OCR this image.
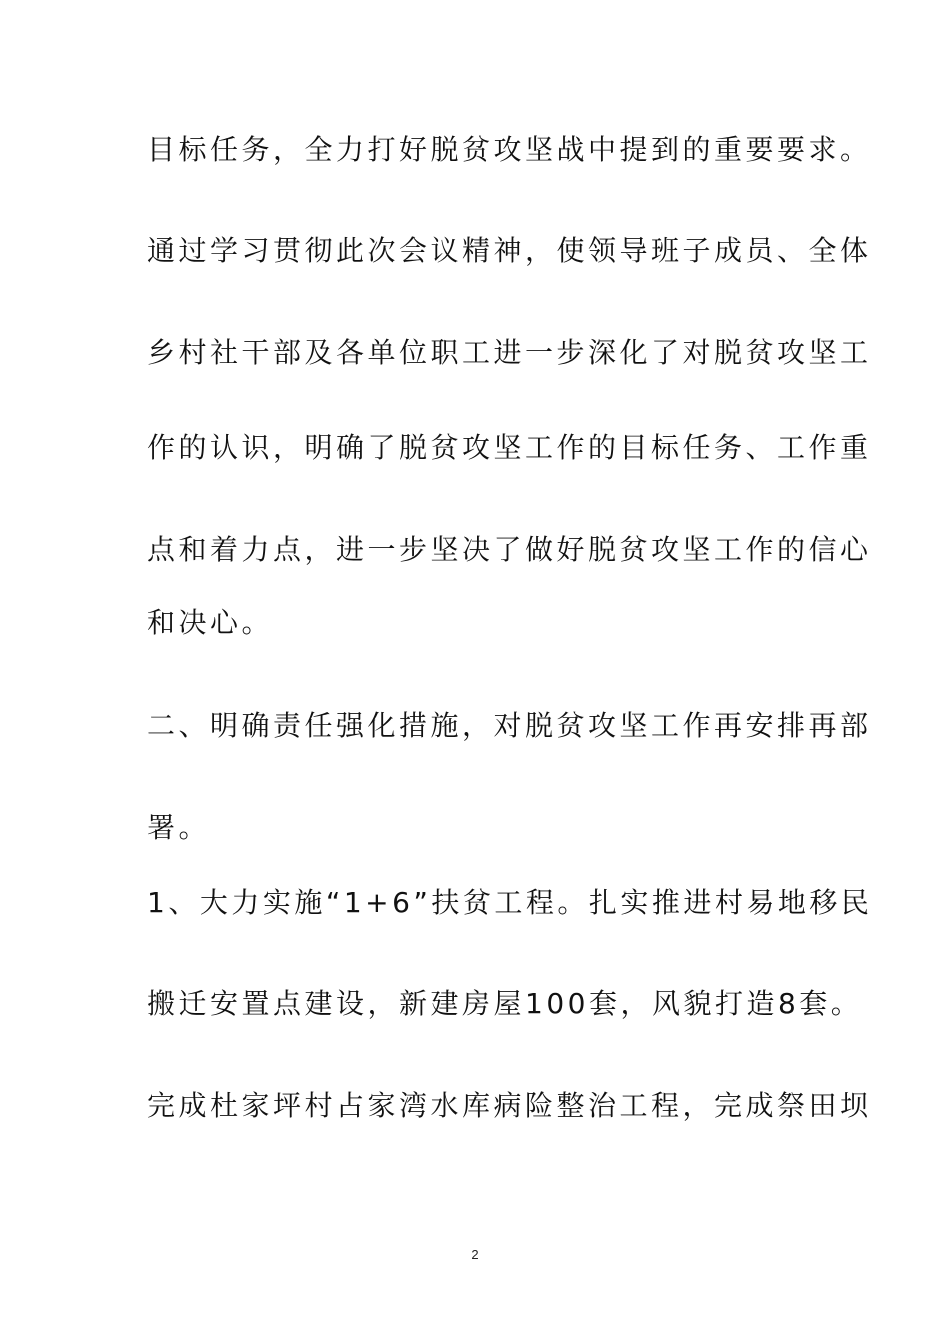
目标任务，全力打好脱贫攻坚战中提到的重要要求。
通过学习贯彻此次会议精神，使领导班子成员、全体
乡村社干部及各单位职工进一步深化了对脱贫攻坚工
作的认识，明确了脱贫攻坚工作的目标任务、工作重
点和着力点，进一步坚决了做好脱贫攻坚工作的信心
和决心。
二、明确责任强化措施，对脱贫攻坚工作再安排再部
署。
1、大力实施“1+6”扶贫工程。扎实推进村易地移民
搬迁安置点建设，新建房屋100套，风貌打造8套。
完成杜家坪村占家湾水库病险整治工程，完成祭田坝
2
